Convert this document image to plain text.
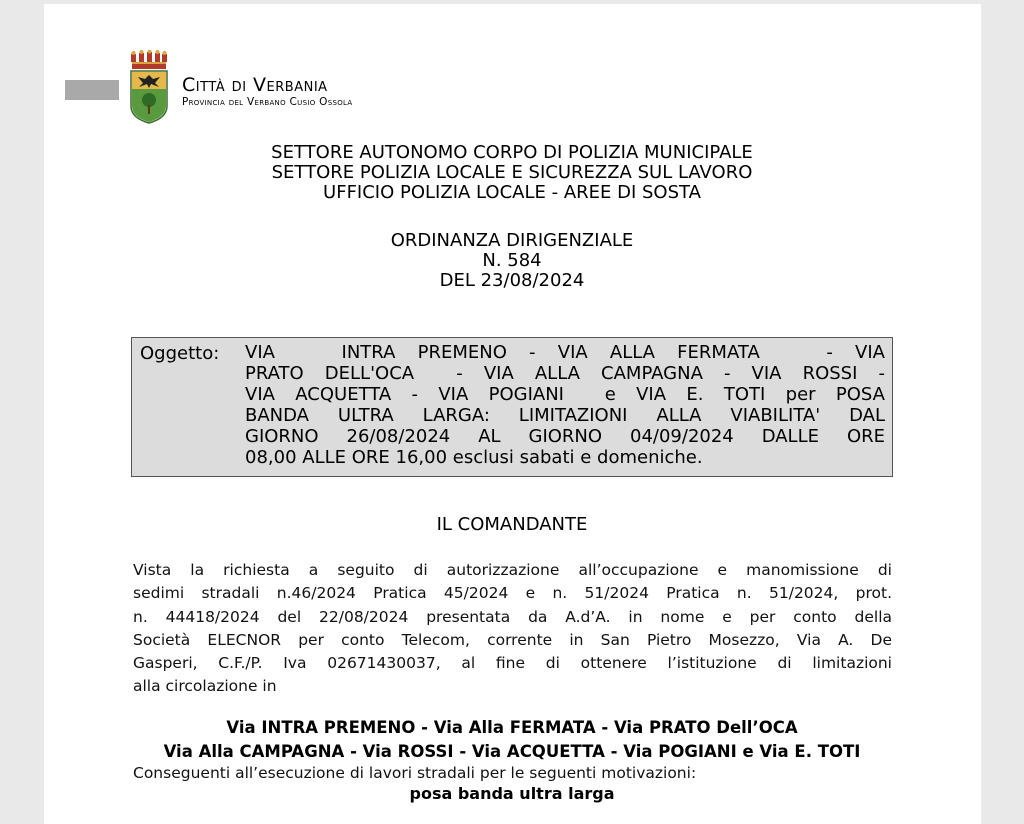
Città di Verbania
Provincia del Verbano Cusio Ossola
SETTORE AUTONOMO CORPO DI POLIZIA MUNICIPALE
SETTORE POLIZIA LOCALE E SICUREZZA SUL LAVORO
UFFICIO POLIZIA LOCALE - AREE DI SOSTA
ORDINANZA DIRIGENZIALE
N. 584
DEL 23/08/2024
Oggetto: VIA   INTRA PREMENO - VIA ALLA FERMATA   - VIA
PRATO DELL'OCA  - VIA ALLA CAMPAGNA - VIA ROSSI -
VIA ACQUETTA - VIA POGIANI  e VIA E. TOTI per POSA
BANDA ULTRA LARGA: LIMITAZIONI ALLA VIABILITA' DAL
GIORNO 26/08/2024 AL GIORNO 04/09/2024 DALLE ORE
08,00 ALLE ORE 16,00 esclusi sabati e domeniche.
IL COMANDANTE
Vista la richiesta a seguito di autorizzazione all’occupazione e manomissione di
sedimi stradali n.46/2024 Pratica 45/2024 e n. 51/2024 Pratica n. 51/2024, prot.
n. 44418/2024 del 22/08/2024 presentata da A.d’A. in nome e per conto della
Società ELECNOR per conto Telecom, corrente in San Pietro Mosezzo, Via A. De
Gasperi, C.F./P. Iva 02671430037, al fine di ottenere l’istituzione di limitazioni
alla circolazione in
Via INTRA PREMENO - Via Alla FERMATA - Via PRATO Dell’OCA
Via Alla CAMPAGNA - Via ROSSI - Via ACQUETTA - Via POGIANI e Via E. TOTI
Conseguenti all’esecuzione di lavori stradali per le seguenti motivazioni:
posa banda ultra larga
